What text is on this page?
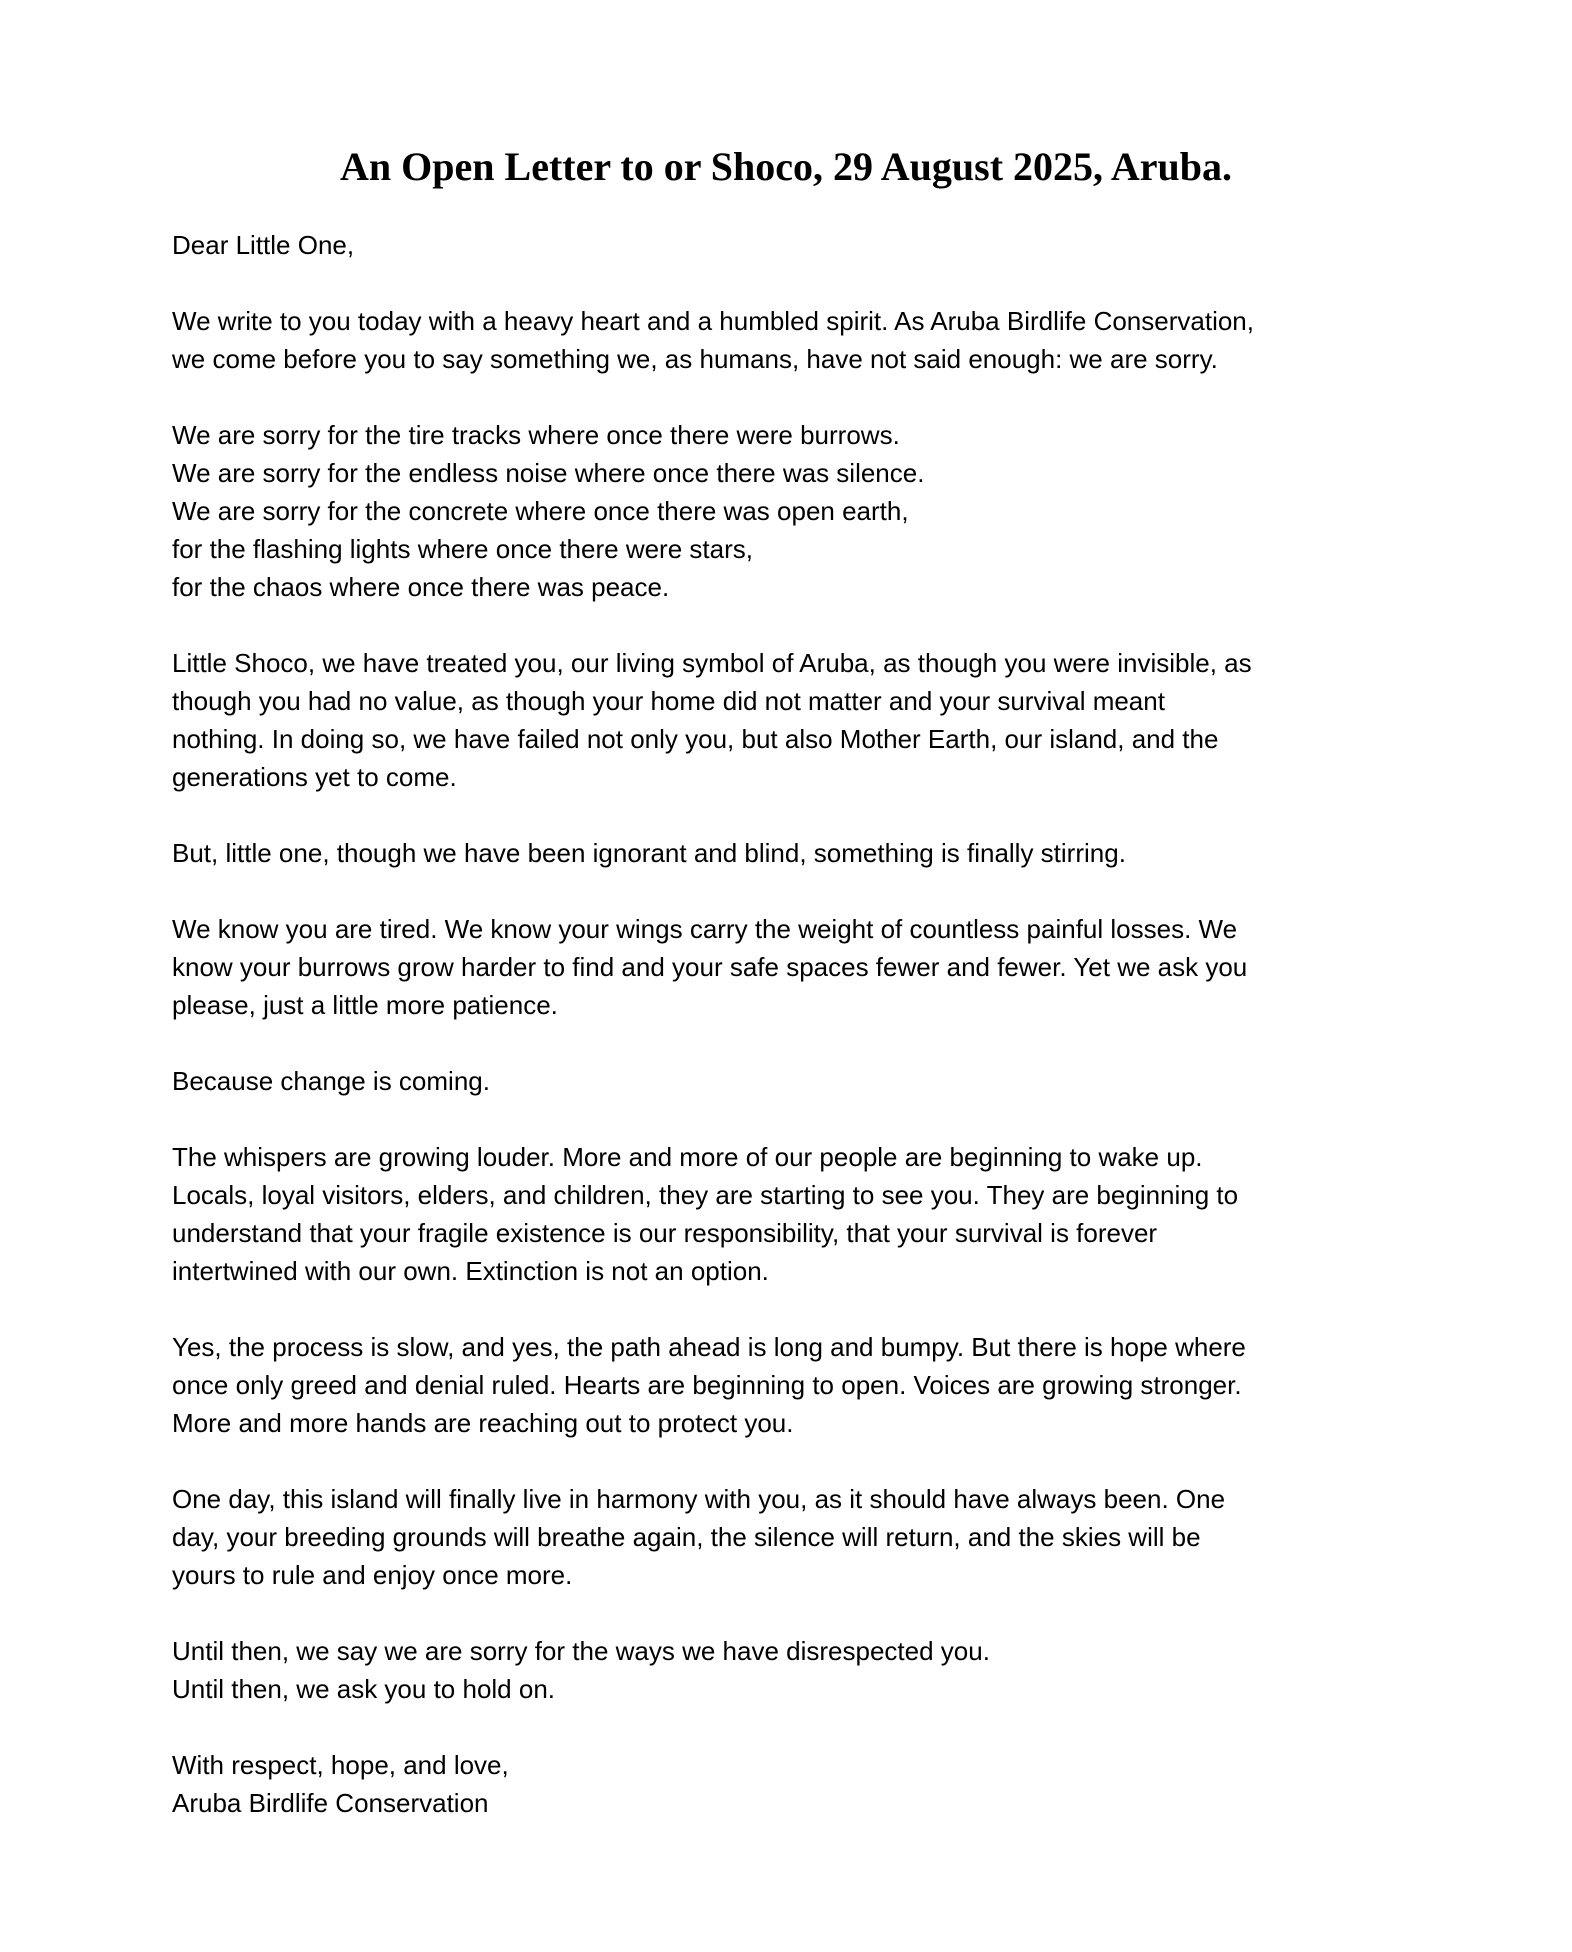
An Open Letter to or Shoco, 29 August 2025, Aruba.

Dear Little One,

We write to you today with a heavy heart and a humbled spirit. As Aruba Birdlife Conservation,
we come before you to say something we, as humans, have not said enough: we are sorry.

We are sorry for the tire tracks where once there were burrows.
We are sorry for the endless noise where once there was silence.
We are sorry for the concrete where once there was open earth,
for the flashing lights where once there were stars,
for the chaos where once there was peace.

Little Shoco, we have treated you, our living symbol of Aruba, as though you were invisible, as
though you had no value, as though your home did not matter and your survival meant
nothing. In doing so, we have failed not only you, but also Mother Earth, our island, and the
generations yet to come.

But, little one, though we have been ignorant and blind, something is finally stirring.

We know you are tired. We know your wings carry the weight of countless painful losses. We
know your burrows grow harder to find and your safe spaces fewer and fewer. Yet we ask you
please, just a little more patience.

Because change is coming.

The whispers are growing louder. More and more of our people are beginning to wake up.
Locals, loyal visitors, elders, and children, they are starting to see you. They are beginning to
understand that your fragile existence is our responsibility, that your survival is forever
intertwined with our own. Extinction is not an option.

Yes, the process is slow, and yes, the path ahead is long and bumpy. But there is hope where
once only greed and denial ruled. Hearts are beginning to open. Voices are growing stronger.
More and more hands are reaching out to protect you.

One day, this island will finally live in harmony with you, as it should have always been. One
day, your breeding grounds will breathe again, the silence will return, and the skies will be
yours to rule and enjoy once more.

Until then, we say we are sorry for the ways we have disrespected you.
Until then, we ask you to hold on.

With respect, hope, and love,
Aruba Birdlife Conservation
